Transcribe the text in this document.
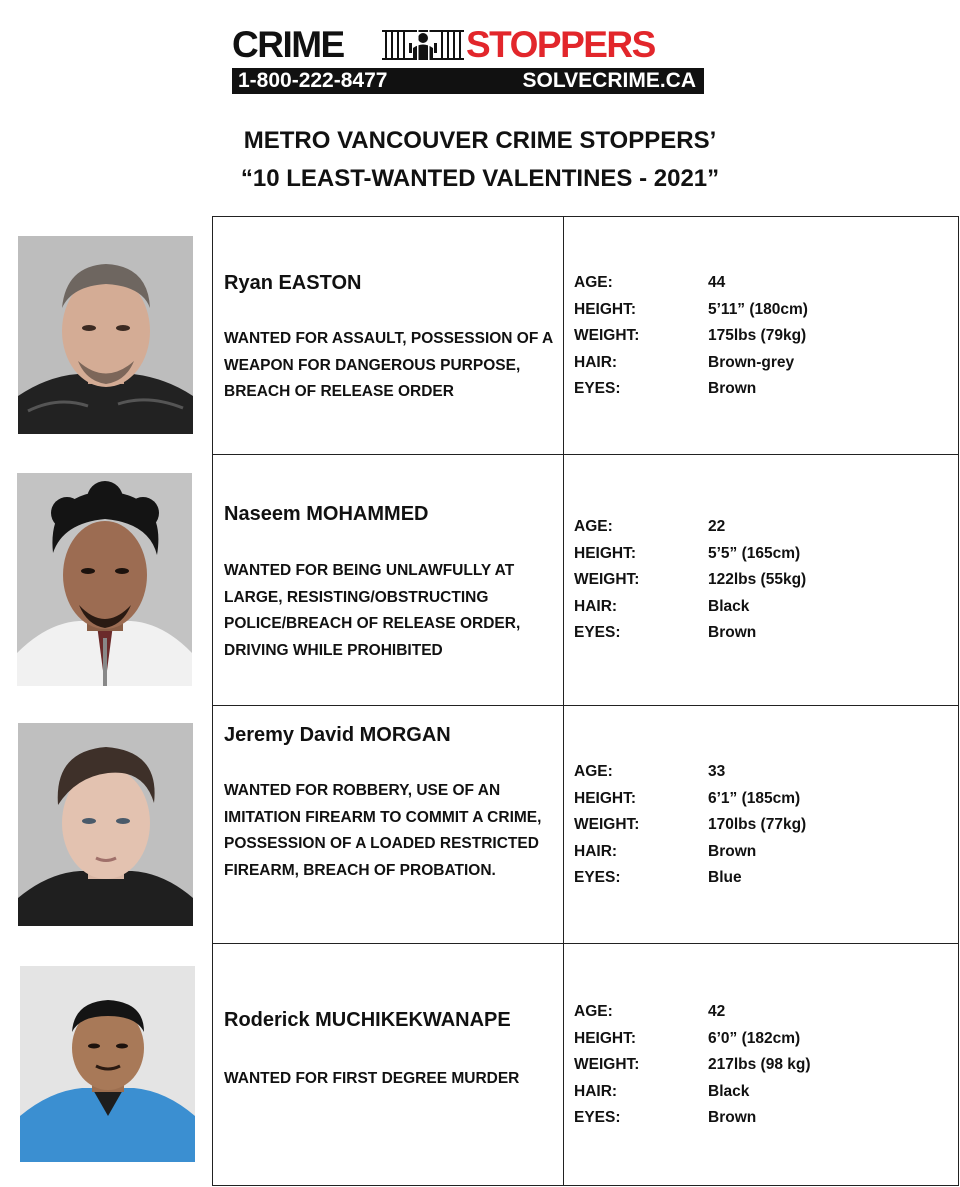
CRIME	STOPPERS
1-800-222-8477	SOLVECRIME.CA
METRO VANCOUVER CRIME STOPPERS’
“10 LEAST-WANTED VALENTINES - 2021”
Ryan EASTON
WANTED FOR ASSAULT, POSSESSION OF A WEAPON FOR DANGEROUS PURPOSE, BREACH OF RELEASE ORDER
AGE:	44
HEIGHT:	5’11” (180cm)
WEIGHT:	175lbs (79kg)
HAIR:	Brown-grey
EYES:	Brown
Naseem MOHAMMED
WANTED FOR BEING UNLAWFULLY AT LARGE, RESISTING/OBSTRUCTING POLICE/BREACH OF RELEASE ORDER, DRIVING WHILE PROHIBITED
AGE:	22
HEIGHT:	5’5” (165cm)
WEIGHT:	122lbs (55kg)
HAIR:	Black
EYES:	Brown
Jeremy David MORGAN
WANTED FOR ROBBERY, USE OF AN IMITATION FIREARM TO COMMIT A CRIME, POSSESSION OF A LOADED RESTRICTED FIREARM, BREACH OF PROBATION.
AGE:	33
HEIGHT:	6’1” (185cm)
WEIGHT:	170lbs (77kg)
HAIR:	Brown
EYES:	Blue
Roderick MUCHIKEKWANAPE
WANTED FOR FIRST DEGREE MURDER
AGE:	42
HEIGHT:	6’0” (182cm)
WEIGHT:	217lbs (98 kg)
HAIR:	Black
EYES:	Brown
